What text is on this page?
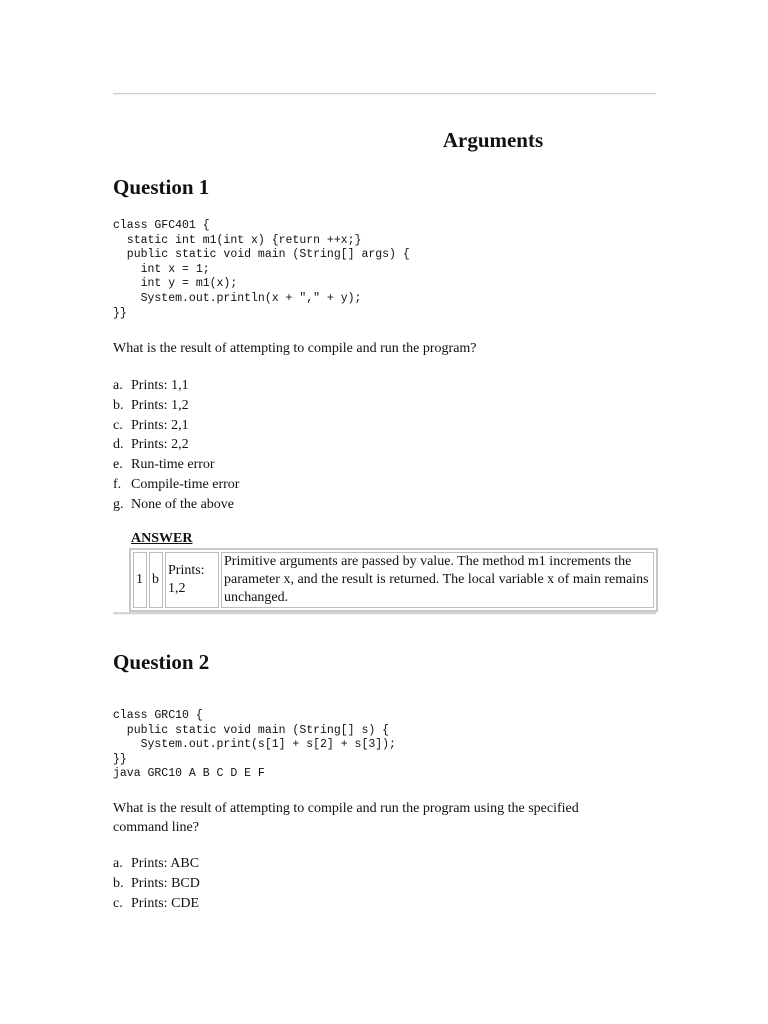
Arguments
Question 1
class GFC401 {
static int m1(int x) {return ++x;}
public static void main (String[] args) {
int x = 1;
int y = m1(x);
System.out.println(x + "," + y);
}}
What is the result of attempting to compile and run the program?
a. Prints: 1,1
b. Prints: 1,2
c. Prints: 2,1
d. Prints: 2,2
e. Run-time error
f. Compile-time error
g. None of the above
ANSWER
1	b	Prints: 1,2	Primitive arguments are passed by value. The method m1 increments the parameter x, and the result is returned. The local variable x of main remains unchanged.
Question 2
class GRC10 {
public static void main (String[] s) {
System.out.print(s[1] + s[2] + s[3]);
}}
java GRC10 A B C D E F
What is the result of attempting to compile and run the program using the specified command line?
a. Prints: ABC
b. Prints: BCD
c. Prints: CDE
